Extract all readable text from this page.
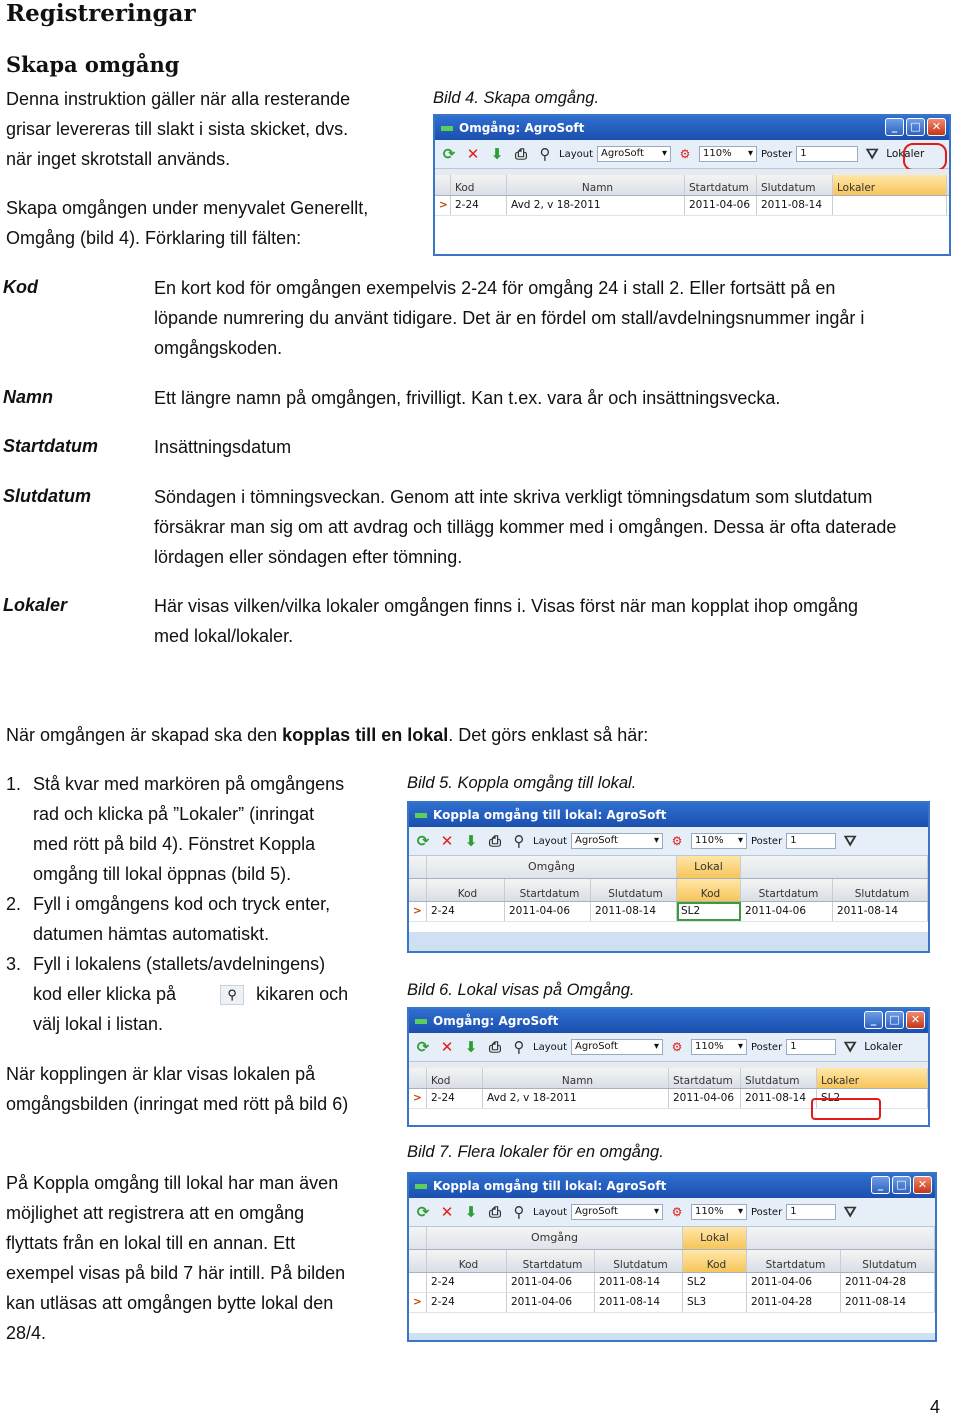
Registreringar
Skapa omgång
Denna instruktion gäller när alla resterande
grisar levereras till slakt i sista skicket, dvs.
när inget skrotstall används.
Skapa omgången under menyvalet Generellt,
Omgång (bild 4). Förklaring till fälten:
Bild 4. Skapa omgång.
Omgång: AgroSoft	_	□	✕
⟳ ✕ ⬇ ⎙ ⚲ Layout AgroSoft ▾	⚙	110% ▾ Poster 1	⛛ Lokaler
Kod	Namn	Startdatum	Slutdatum	Lokaler
> 2-24	Avd 2, v 18-2011	2011-04-06	2011-08-14
Kod	En kort kod för omgången exempelvis 2-24 för omgång 24 i stall 2. Eller fortsätt på en
löpande numrering du använt tidigare. Det är en fördel om stall/avdelningsnummer ingår i
omgångskoden.
Namn	Ett längre namn på omgången, frivilligt. Kan t.ex. vara år och insättningsvecka.
Startdatum	Insättningsdatum
Slutdatum	Söndagen i tömningsveckan. Genom att inte skriva verkligt tömningsdatum som slutdatum
försäkrar man sig om att avdrag och tillägg kommer med i omgången. Dessa är ofta daterade
lördagen eller söndagen efter tömning.
Lokaler	Här visas vilken/vilka lokaler omgången finns i. Visas först när man kopplat ihop omgång
med lokal/lokaler.
När omgången är skapad ska den kopplas till en lokal. Det görs enklast så här:
1. Stå kvar med markören på omgångens
rad och klicka på ”Lokaler” (inringat
med rött på bild 4). Fönstret Koppla
omgång till lokal öppnas (bild 5).
2. Fyll i omgångens kod och tryck enter,
datumen hämtas automatiskt.
3. Fyll i lokalens (stallets/avdelningens)
kod eller klicka på	⚲ kikaren och
välj lokal i listan.
När kopplingen är klar visas lokalen på
omgångsbilden (inringat med rött på bild 6)
På Koppla omgång till lokal har man även
möjlighet att registrera att en omgång
flyttats från en lokal till en annan. Ett
exempel visas på bild 7 här intill. På bilden
kan utläsas att omgången bytte lokal den
28/4.
Bild 5. Koppla omgång till lokal.
Koppla omgång till lokal: AgroSoft
⟳ ✕ ⬇ ⎙ ⚲ Layout AgroSoft	▾	⚙	110% ▾ Poster 1	⛛
Omgång	Lokal
Kod	Startdatum	Slutdatum	Kod	Startdatum	Slutdatum
> 2-24	2011-04-06	2011-08-14	SL2	2011-04-06	2011-08-14
Bild 6. Lokal visas på Omgång.
Omgång: AgroSoft	_	□	✕
⟳ ✕ ⬇ ⎙ ⚲ Layout AgroSoft	▾	⚙	110% ▾ Poster 1	⛛ Lokaler
Kod	Namn	Startdatum	Slutdatum	Lokaler
> 2-24	Avd 2, v 18-2011	2011-04-06	2011-08-14	SL2
Bild 7. Flera lokaler för en omgång.
Koppla omgång till lokal: AgroSoft	_	□	✕
⟳ ✕ ⬇ ⎙ ⚲ Layout AgroSoft	▾	⚙	110% ▾ Poster 1	⛛
Omgång	Lokal
Kod	Startdatum	Slutdatum	Kod	Startdatum	Slutdatum
2-24	2011-04-06	2011-08-14	SL2	2011-04-06	2011-04-28
> 2-24	2011-04-06	2011-08-14	SL3	2011-04-28	2011-08-14
4
